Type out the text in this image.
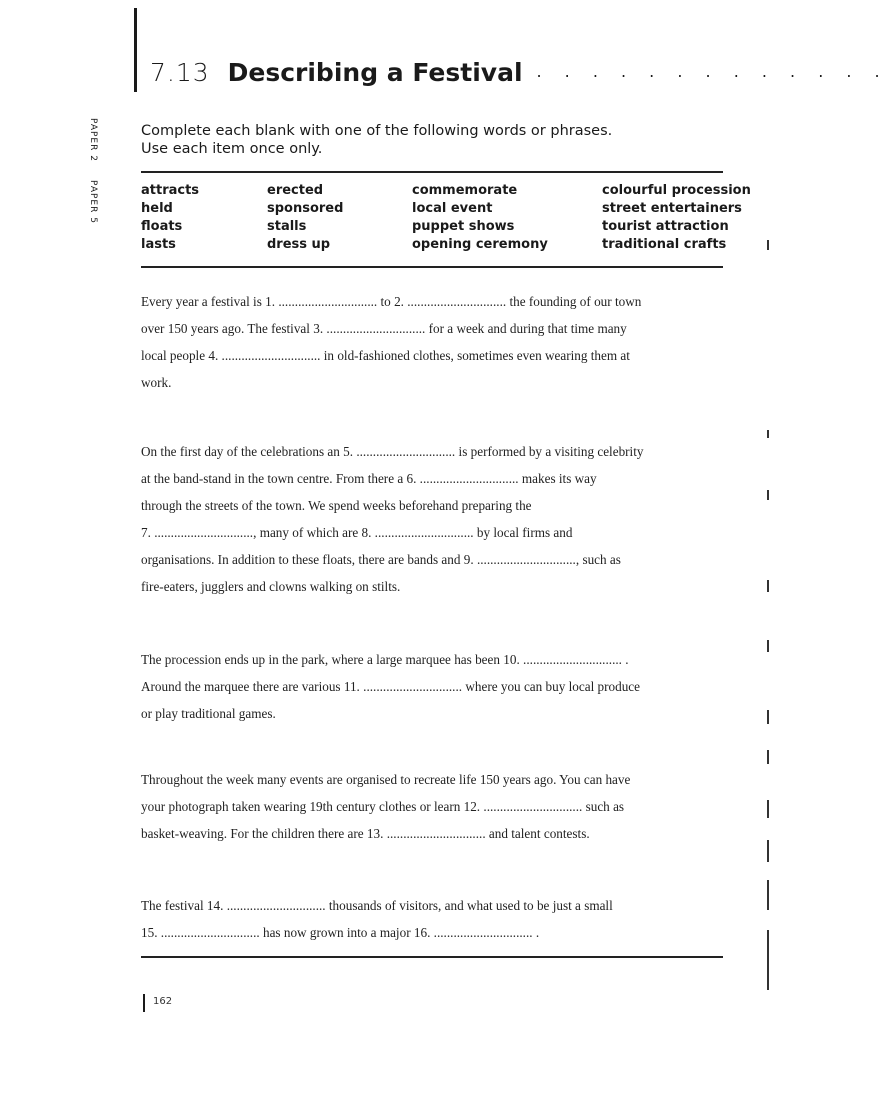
7.13 Describing a Festival . . . . . . . . . . . . .
PAPER 2 PAPER 5
Complete each blank with one of the following words or phrases.
Use each item once only.
attracts
held
floats
lasts
erected
sponsored
stalls
dress up
commemorate
local event
puppet shows
opening ceremony
colourful procession
street entertainers
tourist attraction
traditional crafts

Every year a festival is 1. .............................. to 2. .............................. the founding of our town

over 150 years ago. The festival 3. .............................. for a week and during that time many

local people 4. .............................. in old-fashioned clothes, sometimes even wearing them at

work.

On the first day of the celebrations an 5. .............................. is performed by a visiting celebrity

at the band-stand in the town centre. From there a 6. .............................. makes its way

through the streets of the town. We spend weeks beforehand preparing the

7. .............................., many of which are 8. .............................. by local firms and

organisations. In addition to these floats, there are bands and 9. .............................., such as

fire-eaters, jugglers and clowns walking on stilts.

The procession ends up in the park, where a large marquee has been 10. .............................. .

Around the marquee there are various 11. .............................. where you can buy local produce

or play traditional games.

Throughout the week many events are organised to recreate life 150 years ago. You can have

your photograph taken wearing 19th century clothes or learn 12. .............................. such as

basket-weaving. For the children there are 13. .............................. and talent contests.

The festival 14. .............................. thousands of visitors, and what used to be just a small

15. .............................. has now grown into a major 16. .............................. .

162
